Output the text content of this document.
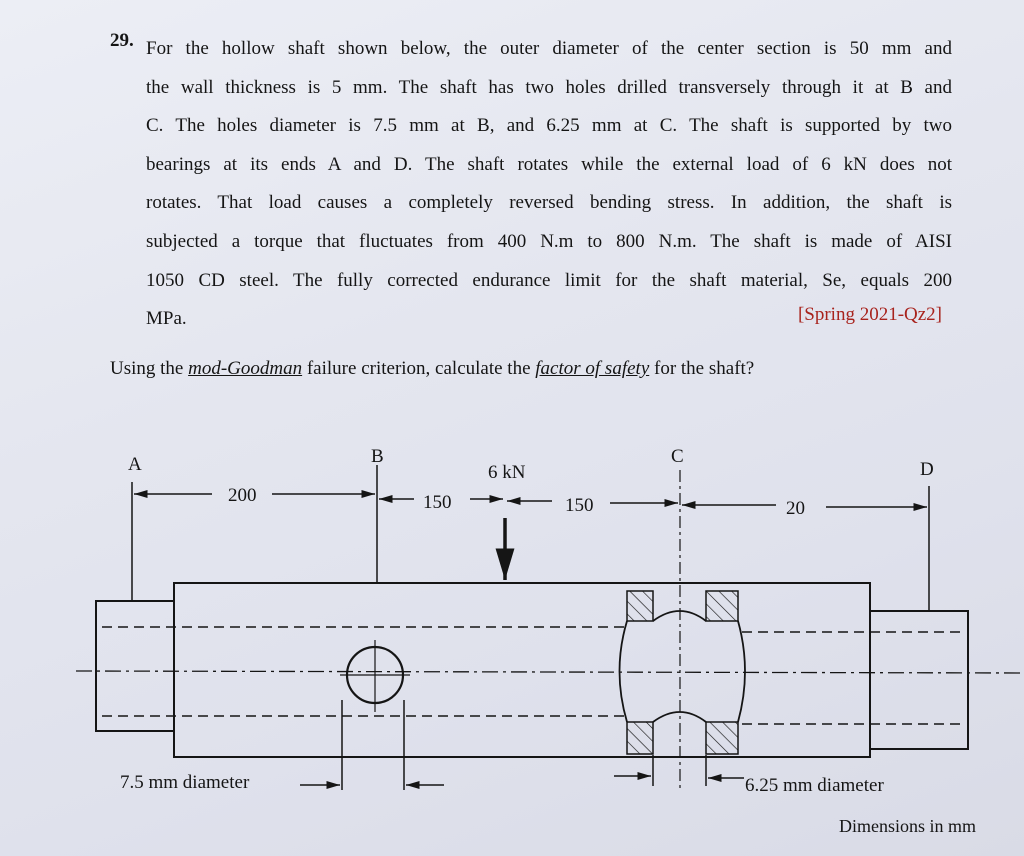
29. For the hollow shaft shown below, the outer diameter of the center section is 50 mm and
the wall thickness is 5 mm. The shaft has two holes drilled transversely through it at B and
C. The holes diameter is 7.5 mm at B, and 6.25 mm at C. The shaft is supported by two
bearings at its ends A and D. The shaft rotates while the external load of 6 kN does not
rotates. That load causes a completely reversed bending stress. In addition, the shaft is
subjected a torque that fluctuates from 400 N.m to 800 N.m. The shaft is made of AISI
1050 CD steel. The fully corrected endurance limit for the shaft material, Se, equals 200
MPa.	[Spring 2021-Qz2]
Using the mod-Goodman failure criterion, calculate the factor of safety for the shaft?
A	B	C
D
6 kN
200	150	150	20
7.5 mm diameter	6.25 mm diameter
Dimensions in mm
